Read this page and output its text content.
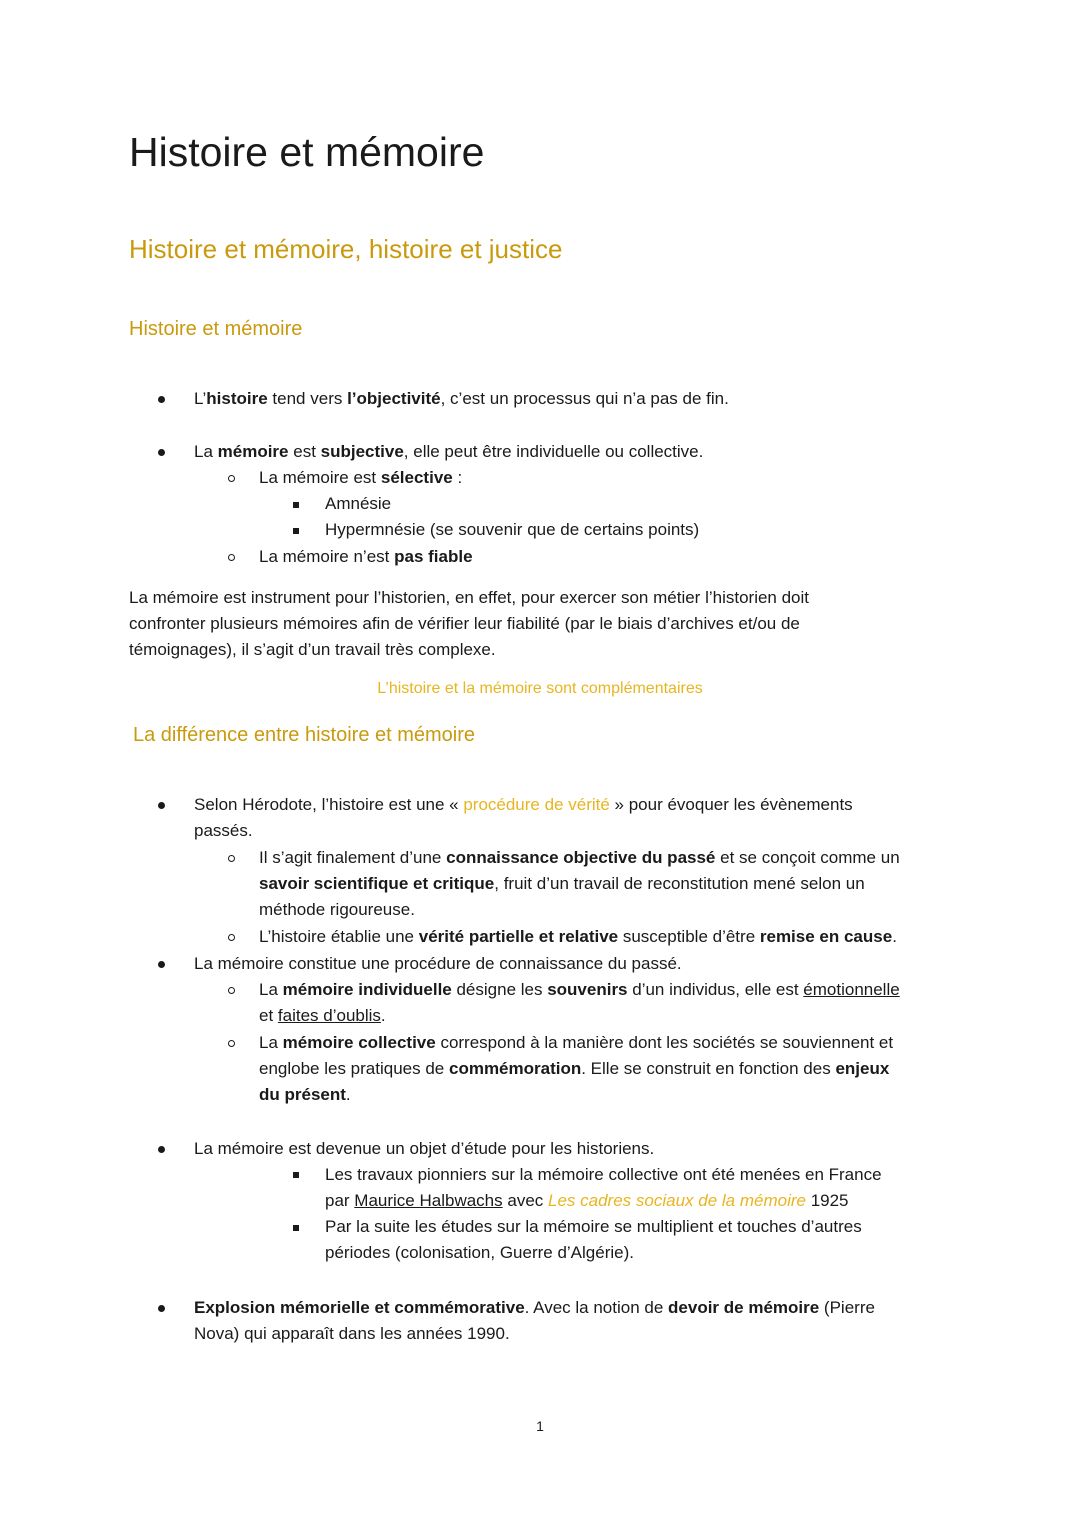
Histoire et mémoire
Histoire et mémoire, histoire et justice
Histoire et mémoire
L’histoire tend vers l’objectivité, c’est un processus qui n’a pas de fin.
La mémoire est subjective, elle peut être individuelle ou collective.
La mémoire est sélective :
Amnésie
Hypermnésie (se souvenir que de certains points)
La mémoire n’est pas fiable
La mémoire est instrument pour l’historien, en effet, pour exercer son métier l’historien doit
confronter plusieurs mémoires afin de vérifier leur fiabilité (par le biais d’archives et/ou de
témoignages), il s’agit d’un travail très complexe.
L’histoire et la mémoire sont complémentaires
La différence entre histoire et mémoire
Selon Hérodote, l’histoire est une « procédure de vérité » pour évoquer les évènements
passés.
Il s’agit finalement d’une connaissance objective du passé et se conçoit comme un
savoir scientifique et critique, fruit d’un travail de reconstitution mené selon un
méthode rigoureuse.
L’histoire établie une vérité partielle et relative susceptible d’être remise en cause.
La mémoire constitue une procédure de connaissance du passé.
La mémoire individuelle désigne les souvenirs d’un individus, elle est émotionnelle
et faites d’oublis.
La mémoire collective correspond à la manière dont les sociétés se souviennent et
englobe les pratiques de commémoration. Elle se construit en fonction des enjeux
du présent.
La mémoire est devenue un objet d’étude pour les historiens.
Les travaux pionniers sur la mémoire collective ont été menées en France
par Maurice Halbwachs avec Les cadres sociaux de la mémoire 1925
Par la suite les études sur la mémoire se multiplient et touches d’autres
périodes (colonisation, Guerre d’Algérie).
Explosion mémorielle et commémorative. Avec la notion de devoir de mémoire (Pierre
Nova) qui apparaît dans les années 1990.
1
